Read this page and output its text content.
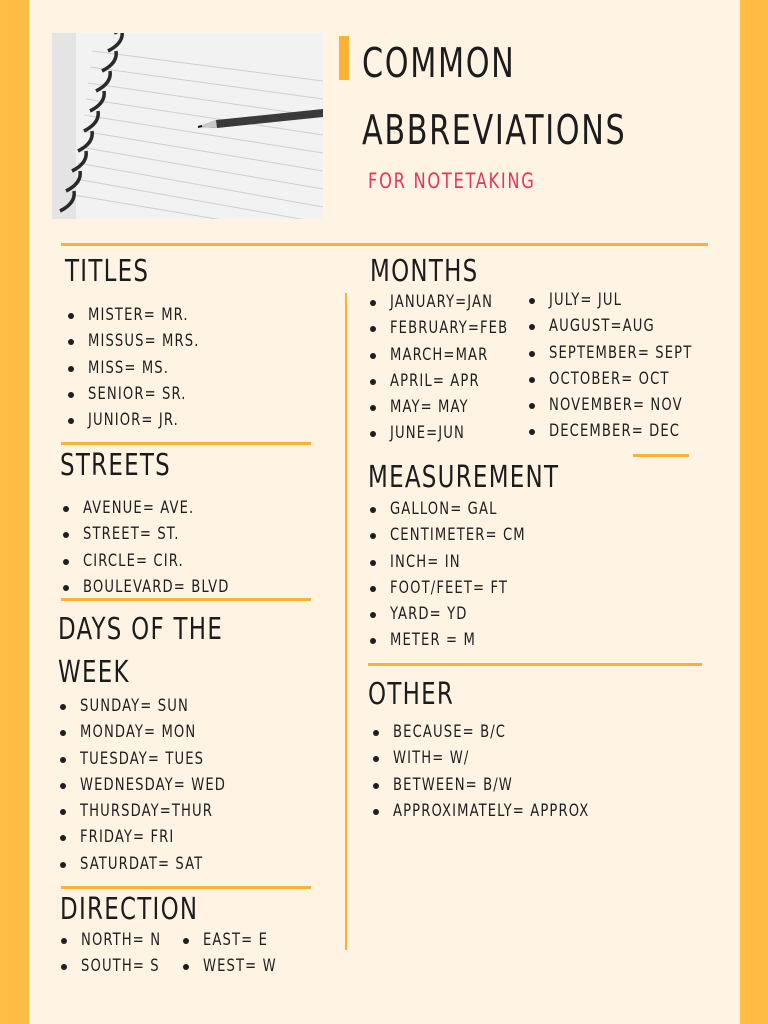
COMMON
ABBREVIATIONS
FOR NOTETAKING
TITLES
MISTER= MR.
MISSUS= MRS.
MISS= MS.
SENIOR= SR.
JUNIOR= JR.
STREETS
AVENUE= AVE.
STREET= ST.
CIRCLE= CIR.
BOULEVARD= BLVD
DAYS OF THE
WEEK
SUNDAY= SUN
MONDAY= MON
TUESDAY= TUES
WEDNESDAY= WED
THURSDAY=THUR
FRIDAY= FRI
SATURDAT= SAT
DIRECTION
NORTH= N
SOUTH= S
EAST= E
WEST= W
MONTHS
JANUARY=JAN
FEBRUARY=FEB
MARCH=MAR
APRIL= APR
MAY= MAY
JUNE=JUN
JULY= JUL
AUGUST=AUG
SEPTEMBER= SEPT
OCTOBER= OCT
NOVEMBER= NOV
DECEMBER= DEC
MEASUREMENT
GALLON= GAL
CENTIMETER= CM
INCH= IN
FOOT/FEET= FT
YARD= YD
METER = M
OTHER
BECAUSE= B/C
WITH= W/
BETWEEN= B/W
APPROXIMATELY= APPROX
